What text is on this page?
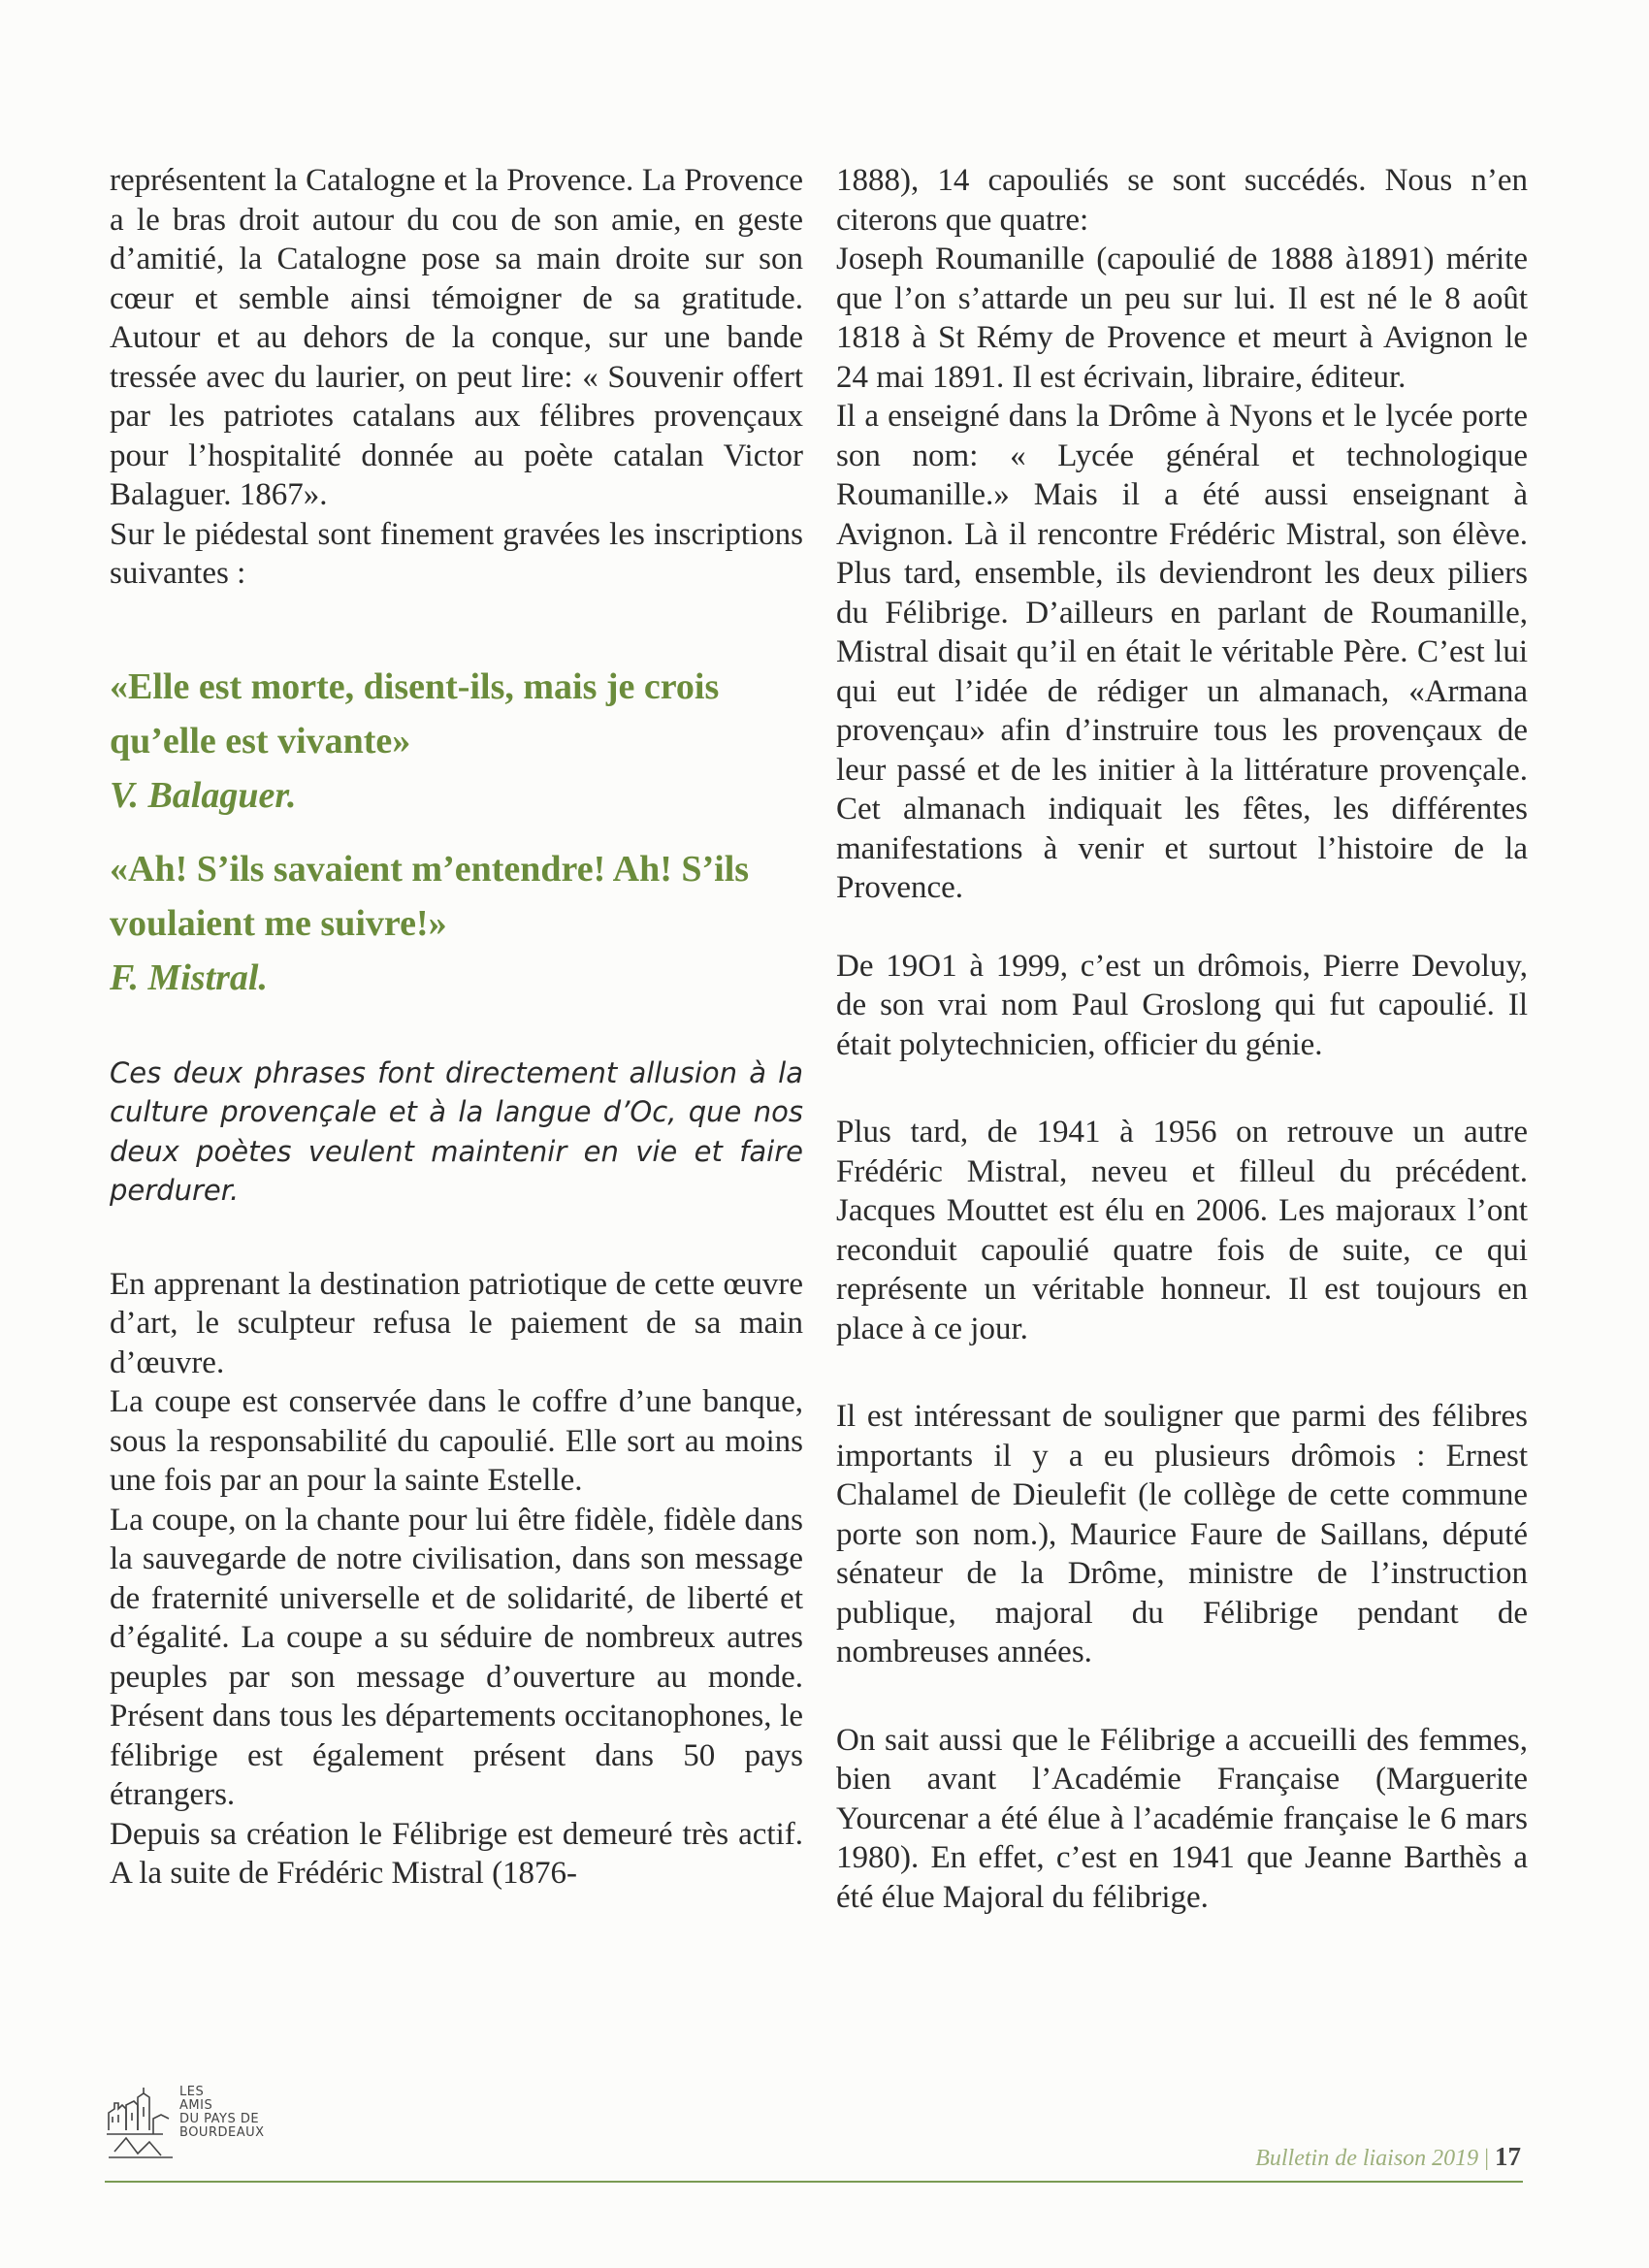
représentent la Catalogne et la Provence. La Provence a le bras droit autour du cou de son amie, en geste d’amitié, la Catalogne pose sa main droite sur son cœur et semble ainsi témoigner de sa gratitude. Autour et au dehors de la conque, sur une bande tressée avec du laurier, on peut lire: « Souvenir offert par les patriotes catalans aux félibres provençaux pour l’hospitalité donnée au poète catalan Victor Balaguer. 1867».

Sur le piédestal sont finement gravées les inscriptions suivantes :

«Elle est morte, disent-ils, mais je crois qu’elle est vivante»

V. Balaguer.

«Ah! S’ils savaient m’entendre! Ah! S’ils voulaient me suivre!»

F. Mistral.

Ces deux phrases font directement allusion à la culture provençale et à la langue d’Oc, que nos deux poètes veulent maintenir en vie et faire perdurer.

En apprenant la destination patriotique de cette œuvre d’art, le sculpteur refusa le paiement de sa main d’œuvre.

La coupe est conservée dans le coffre d’une banque, sous la responsabilité du capoulié. Elle sort au moins une fois par an pour la sainte Estelle.

La coupe, on la chante pour lui être fidèle, fidèle dans la sauvegarde de notre civilisation, dans son message de fraternité universelle et de solidarité, de liberté et d’égalité. La coupe a su séduire de nombreux autres peuples par son message d’ouverture au monde. Présent dans tous les départements occitanophones, le félibrige est également présent dans 50 pays étrangers.

Depuis sa création le Félibrige est demeuré très actif. A la suite de Frédéric Mistral (1876-

1888), 14 capouliés se sont succédés. Nous n’en citerons que quatre:

Joseph Roumanille (capoulié de 1888 à1891) mérite que l’on s’attarde un peu sur lui. Il est né le 8 août 1818 à St Rémy de Provence et meurt à Avignon le 24 mai 1891. Il est écrivain, libraire, éditeur.

Il a enseigné dans la Drôme à Nyons et le lycée porte son nom: « Lycée général et technologique Roumanille.» Mais il a été aussi enseignant à Avignon. Là il rencontre Frédéric Mistral, son élève. Plus tard, ensemble, ils deviendront les deux piliers du Félibrige. D’ailleurs en parlant de Roumanille, Mistral disait qu’il en était le véritable Père. C’est lui qui eut l’idée de rédiger un almanach, «Armana provençau» afin d’instruire tous les provençaux de leur passé et de les initier à la littérature provençale. Cet almanach indiquait les fêtes, les différentes manifestations à venir et surtout l’histoire de la Provence.

De 19O1 à 1999, c’est un drômois, Pierre Devoluy, de son vrai nom Paul Groslong qui fut capoulié. Il était polytechnicien, officier du génie.

Plus tard, de 1941 à 1956 on retrouve un autre Frédéric Mistral, neveu et filleul du précédent. Jacques Mouttet est élu en 2006. Les majoraux l’ont reconduit capoulié quatre fois de suite, ce qui représente un véritable honneur. Il est toujours en place à ce jour.

Il est intéressant de souligner que parmi des félibres importants il y a eu plusieurs drômois : Ernest Chalamel de Dieulefit (le collège de cette commune porte son nom.), Maurice Faure de Saillans, député sénateur de la Drôme, ministre de l’instruction publique, majoral du Félibrige pendant de nombreuses années.

On sait aussi que le Félibrige a accueilli des femmes, bien avant l’Académie Française (Marguerite Yourcenar a été élue à l’académie française le 6 mars 1980). En effet, c’est en 1941 que Jeanne Barthès a été élue Majoral du félibrige.

LES
AMIS
DU PAYS DE
BOURDEAUX
Bulletin de liaison 2019 | 17
